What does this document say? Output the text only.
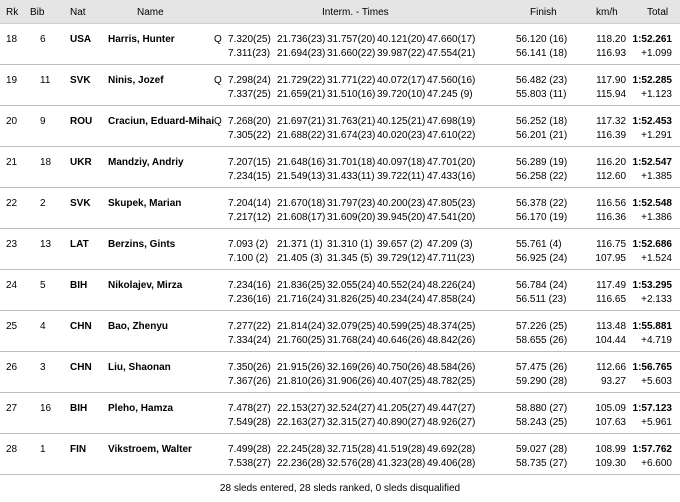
Rk Bib	Nat	Name	Interm. - Times	Finish	km/h	Total
18 6 USA Harris, Hunter	Q 7.320(25) 21.736(23) 31.757(20) 40.121(20) 47.660(17)	56.120 (16)	118.20 1:52.261
7.311(23) 21.694(23) 31.660(22) 39.987(22) 47.554(21)	56.141 (18)	116.93 +1.099
19 11 SVK Ninis, Jozef	Q 7.298(24) 21.729(22) 31.771(22) 40.072(17) 47.560(16)	56.482 (23)	117.90 1:52.285
7.337(25) 21.659(21) 31.510(16) 39.720(10) 47.245 (9)	55.803 (11)	115.94 +1.123
20 9 ROU Craciun, Eduard-Mihai Q 7.268(20) 21.697(21) 31.763(21) 40.125(21) 47.698(19)	56.252 (18)	117.32 1:52.453
7.305(22) 21.688(22) 31.674(23) 40.020(23) 47.610(22)	56.201 (21)	116.39 +1.291
21 18 UKR Mandziy, Andriy	7.207(15) 21.648(16) 31.701(18) 40.097(18) 47.701(20)	56.289 (19)	116.20 1:52.547
7.234(15) 21.549(13) 31.433(11) 39.722(11) 47.433(16)	56.258 (22)	112.60 +1.385
22 2 SVK Skupek, Marian	7.204(14) 21.670(18) 31.797(23) 40.200(23) 47.805(23)	56.378 (22)	116.56 1:52.548
7.217(12) 21.608(17) 31.609(20) 39.945(20) 47.541(20)	56.170 (19)	116.36 +1.386
23 13 LAT Berzins, Gints	7.093 (2) 21.371 (1) 31.310 (1) 39.657 (2) 47.209 (3)	55.761 (4)	116.75 1:52.686
7.100 (2) 21.405 (3) 31.345 (5) 39.729(12) 47.711(23)	56.925 (24)	107.95 +1.524
24 5 BIH Nikolajev, Mirza	7.234(16) 21.836(25) 32.055(24) 40.552(24) 48.226(24)	56.784 (24)	117.49 1:53.295
7.236(16) 21.716(24) 31.826(25) 40.234(24) 47.858(24)	56.511 (23)	116.65 +2.133
25 4 CHN Bao, Zhenyu	7.277(22) 21.814(24) 32.079(25) 40.599(25) 48.374(25)	57.226 (25)	113.48 1:55.881
7.334(24) 21.760(25) 31.768(24) 40.646(26) 48.842(26)	58.655 (26)	104.44 +4.719
26 3 CHN Liu, Shaonan	7.350(26) 21.915(26) 32.169(26) 40.750(26) 48.584(26)	57.475 (26)	112.66 1:56.765
7.367(26) 21.810(26) 31.906(26) 40.407(25) 48.782(25)	59.290 (28)	93.27 +5.603
27 16 BIH Pleho, Hamza	7.478(27) 22.153(27) 32.524(27) 41.205(27) 49.447(27)	58.880 (27)	105.09 1:57.123
7.549(28) 22.163(27) 32.315(27) 40.890(27) 48.926(27)	58.243 (25)	107.63 +5.961
28 1 FIN Vikstroem, Walter	7.499(28) 22.245(28) 32.715(28) 41.519(28) 49.692(28)	59.027 (28)	108.99 1:57.762
7.538(27) 22.236(28) 32.576(28) 41.323(28) 49.406(28)	58.735 (27)	109.30 +6.600
28 sleds entered, 28 sleds ranked, 0 sleds disqualified
